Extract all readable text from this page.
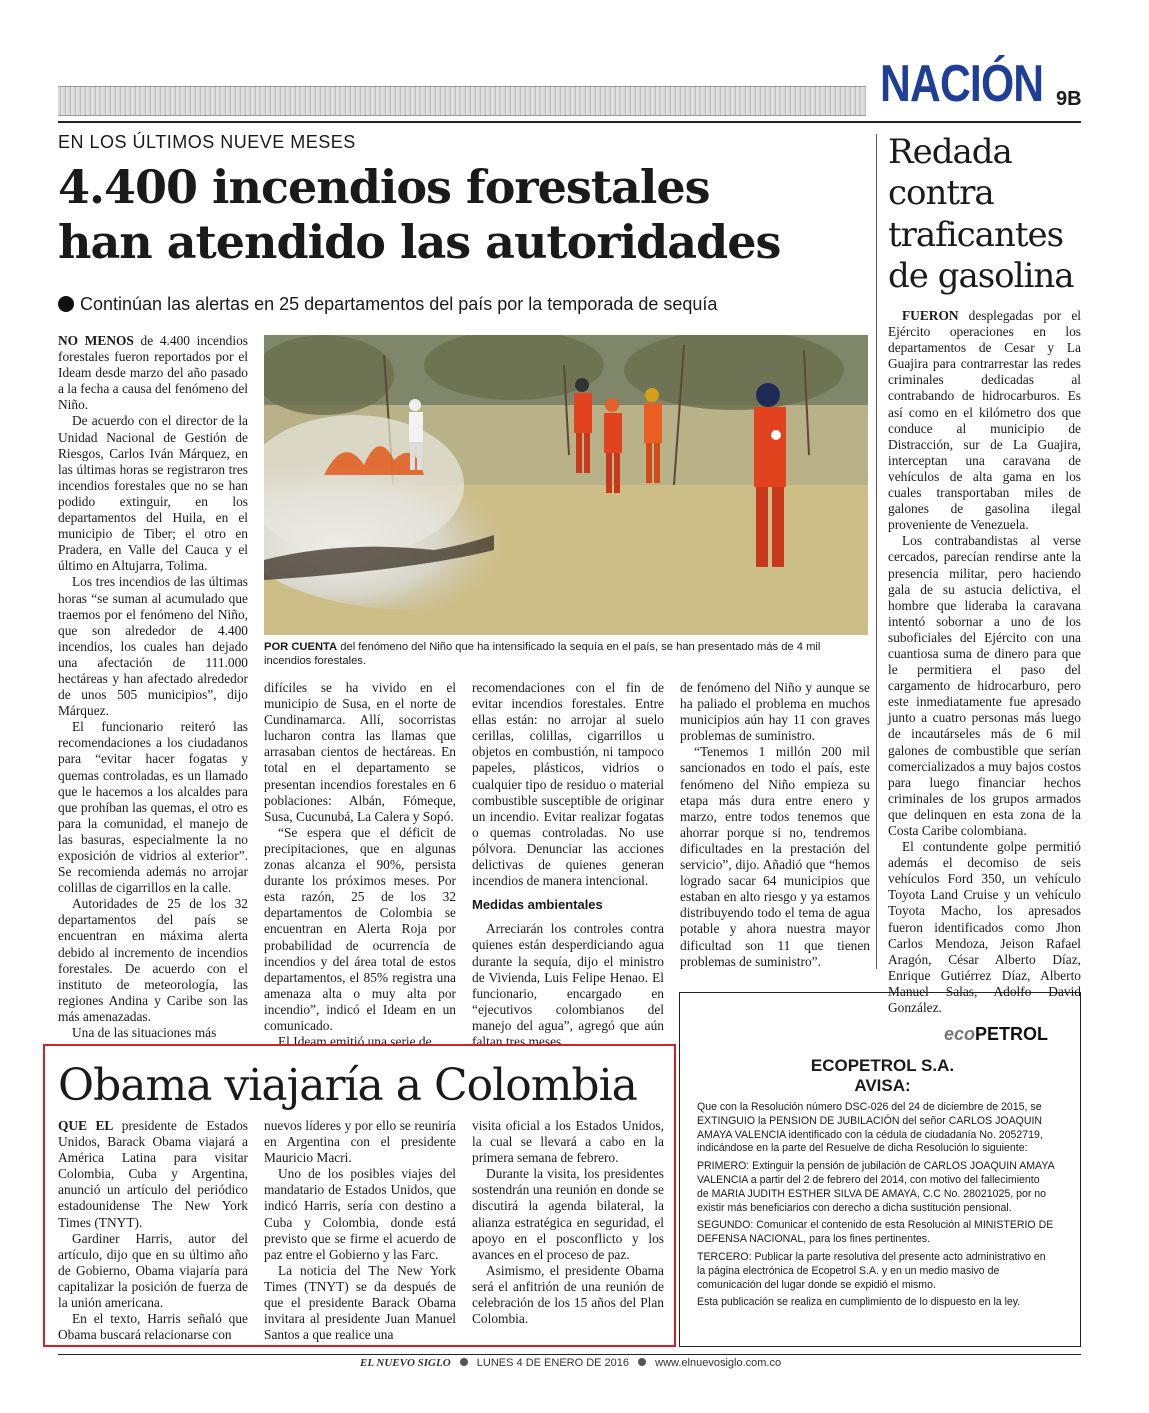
NACIÓN 9B
EN LOS ÚLTIMOS NUEVE MESES
4.400 incendios forestales
han atendido las autoridades
Continúan las alertas en 25 departamentos del país por la temporada de sequía

NO MENOS de 4.400 incendios forestales fueron reportados por el Ideam desde marzo del año pasado a la fecha a causa del fenómeno del Niño.

De acuerdo con el director de la Unidad Nacional de Gestión de Riesgos, Carlos Iván Márquez, en las últimas horas se registraron tres incendios forestales que no se han podido extinguir, en los departamentos del Huila, en el municipio de Tiber; el otro en Pradera, en Valle del Cauca y el último en Altujarra, Tolima.

Los tres incendios de las últimas horas “se suman al acumulado que traemos por el fenómeno del Niño, que son alrededor de 4.400 incendios, los cuales han dejado una afectación de 111.000 hectáreas y han afectado alrededor de unos 505 municipios”, dijo Márquez.

El funcionario reiteró las recomendaciones a los ciudadanos para “evitar hacer fogatas y quemas controladas, es un llamado que le hacemos a los alcaldes para que prohíban las quemas, el otro es para la comunidad, el manejo de las basuras, especialmente la no exposición de vidrios al exterior”. Se recomienda además no arrojar colillas de cigarrillos en la calle.

Autoridades de 25 de los 32 departamentos del país se encuentran en máxima alerta debido al incremento de incendios forestales. De acuerdo con el instituto de meteorología, las regiones Andina y Caribe son las más amenazadas.

Una de las situaciones más

POR CUENTA del fenómeno del Niño que ha intensificado la sequía en el país, se han presentado más de 4 mil incendios forestales.

difíciles se ha vivido en el municipio de Susa, en el norte de Cundinamarca. Allí, socorristas lucharon contra las llamas que arrasaban cientos de hectáreas. En total en el departamento se presentan incendios forestales en 6 poblaciones: Albán, Fómeque, Susa, Cucunubá, La Calera y Sopó.

“Se espera que el déficit de precipitaciones, que en algunas zonas alcanza el 90%, persista durante los próximos meses. Por esta razón, 25 de los 32 departamentos de Colombia se encuentran en Alerta Roja por probabilidad de ocurrencia de incendios y del área total de estos departamentos, el 85% registra una amenaza alta o muy alta por incendio”, indicó el Ideam en un comunicado.

El Ideam emitió una serie de

recomendaciones con el fin de evitar incendios forestales. Entre ellas están: no arrojar al suelo cerillas, colillas, cigarrillos u objetos en combustión, ni tampoco papeles, plásticos, vidrios o cualquier tipo de residuo o material combustible susceptible de originar un incendio. Evitar realizar fogatas o quemas controladas. No use pólvora. Denunciar las acciones delictivas de quienes generan incendios de manera intencional.

Medidas ambientales

Arreciarán los controles contra quienes están desperdiciando agua durante la sequía, dijo el ministro de Vivienda, Luis Felipe Henao. El funcionario, encargado en “ejecutivos colombianos del manejo del agua”, agregó que aún faltan tres meses

de fenómeno del Niño y aunque se ha paliado el problema en muchos municipios aún hay 11 con graves problemas de suministro.

“Tenemos 1 millón 200 mil sancionados en todo el país, este fenómeno del Niño empieza su etapa más dura entre enero y marzo, entre todos tenemos que ahorrar porque si no, tendremos dificultades en la prestación del servicio”, dijo. Añadió que “hemos logrado sacar 64 municipios que estaban en alto riesgo y ya estamos distribuyendo todo el tema de agua potable y ahora nuestra mayor dificultad son 11 que tienen problemas de suministro”.

Redada
contra
traficantes
de gasolina

FUERON desplegadas por el Ejército operaciones en los departamentos de Cesar y La Guajira para contrarrestar las redes criminales dedicadas al contrabando de hidrocarburos. Es así como en el kilómetro dos que conduce al municipio de Distracción, sur de La Guajira, interceptan una caravana de vehículos de alta gama en los cuales transportaban miles de galones de gasolina ilegal proveniente de Venezuela.

Los contrabandistas al verse cercados, parecían rendirse ante la presencia militar, pero haciendo gala de su astucia delictiva, el hombre que lideraba la caravana intentó sobornar a uno de los suboficiales del Ejército con una cuantiosa suma de dinero para que le permitiera el paso del cargamento de hidrocarburo, pero este inmediatamente fue apresado junto a cuatro personas más luego de incautárseles más de 6 mil galones de combustible que serían comercializados a muy bajos costos para luego financiar hechos criminales de los grupos armados que delinquen en esta zona de la Costa Caribe colombiana.

El contundente golpe permitió además el decomiso de seis vehículos Ford 350, un vehículo Toyota Land Cruise y un vehículo Toyota Macho, los apresados fueron identificados como Jhon Carlos Mendoza, Jeison Rafael Aragón, César Alberto Díaz, Enrique Gutiérrez Díaz, Alberto Manuel Salas, Adolfo David González.

Obama viajaría a Colombia

QUE EL presidente de Estados Unidos, Barack Obama viajará a América Latina para visitar Colombia, Cuba y Argentina, anunció un artículo del periódico estadounidense The New York Times (TNYT).

Gardiner Harris, autor del artículo, dijo que en su último año de Gobierno, Obama viajaría para capitalizar la posición de fuerza de la unión americana.

En el texto, Harris señaló que Obama buscará relacionarse con

nuevos líderes y por ello se reuniría en Argentina con el presidente Mauricio Macri.

Uno de los posibles viajes del mandatario de Estados Unidos, que indicó Harris, sería con destino a Cuba y Colombia, donde está previsto que se firme el acuerdo de paz entre el Gobierno y las Farc.

La noticia del The New York Times (TNYT) se da después de que el presidente Barack Obama invitara al presidente Juan Manuel Santos a que realice una

visita oficial a los Estados Unidos, la cual se llevará a cabo en la primera semana de febrero.

Durante la visita, los presidentes sostendrán una reunión en donde se discutirá la agenda bilateral, la alianza estratégica en seguridad, el apoyo en el posconflicto y los avances en el proceso de paz.

Asimismo, el presidente Obama será el anfitrión de una reunión de celebración de los 15 años del Plan Colombia.

ecoPETROL
ECOPETROL S.A.
AVISA:

Que con la Resolución número DSC-026 del 24 de diciembre de 2015, se EXTINGUIO la PENSION DE JUBILACIÓN del señor CARLOS JOAQUIN AMAYA VALENCIA identificado con la cédula de ciudadanía No. 2052719, indicándose en la parte del Resuelve de dicha Resolución lo siguiente:

PRIMERO: Extinguir la pensión de jubilación de CARLOS JOAQUIN AMAYA VALENCIA a partir del 2 de febrero del 2014, con motivo del fallecimiento de MARIA JUDITH ESTHER SILVA DE AMAYA, C.C No. 28021025, por no existir más beneficiarios con derecho a dicha sustitución pensional.

SEGUNDO: Comunicar el contenido de esta Resolución al MINISTERIO DE DEFENSA NACIONAL, para los fines pertinentes.

TERCERO: Publicar la parte resolutiva del presente acto administrativo en la página electrónica de Ecopetrol S.A. y en un medio masivo de comunicación del lugar donde se expidió el mismo.

Esta publicación se realiza en cumplimiento de lo dispuesto en la ley.

EL NUEVO SIGLO LUNES 4 DE ENERO DE 2016 www.elnuevosiglo.com.co
